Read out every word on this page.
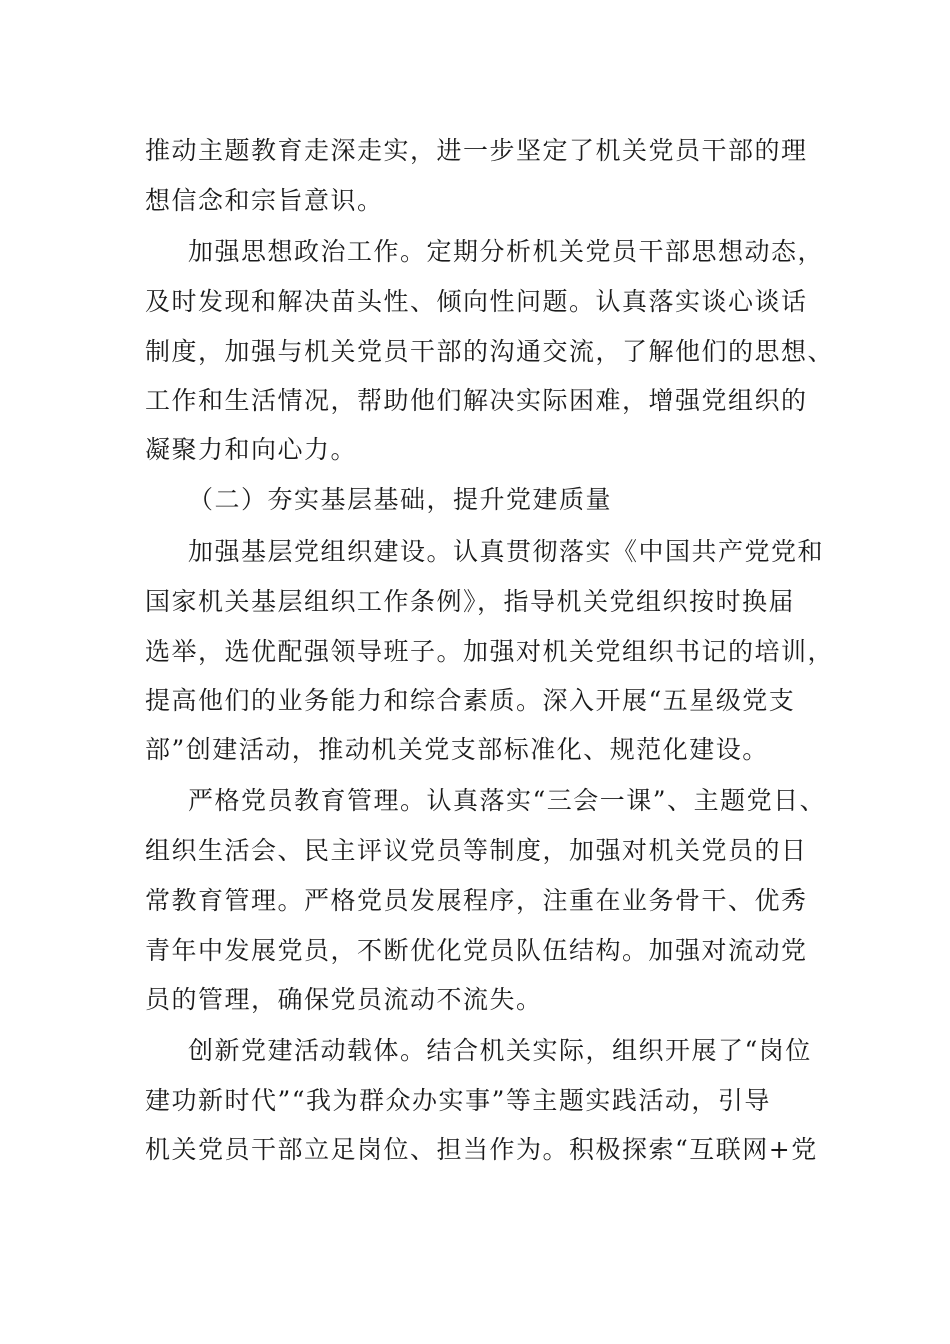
推动主题教育走深走实，进一步坚定了机关党员干部的理
想信念和宗旨意识。
加强思想政治工作。定期分析机关党员干部思想动态，
及时发现和解决苗头性、倾向性问题。认真落实谈心谈话
制度，加强与机关党员干部的沟通交流，了解他们的思想、
工作和生活情况，帮助他们解决实际困难，增强党组织的
凝聚力和向心力。
（二）夯实基层基础，提升党建质量
加强基层党组织建设。认真贯彻落实《中国共产党党和
国家机关基层组织工作条例》，指导机关党组织按时换届
选举，选优配强领导班子。加强对机关党组织书记的培训，
提高他们的业务能力和综合素质。深入开展“五星级党支
部”创建活动，推动机关党支部标准化、规范化建设。
严格党员教育管理。认真落实“三会一课”、主题党日、
组织生活会、民主评议党员等制度，加强对机关党员的日
常教育管理。严格党员发展程序，注重在业务骨干、优秀
青年中发展党员，不断优化党员队伍结构。加强对流动党
员的管理，确保党员流动不流失。
创新党建活动载体。结合机关实际，组织开展了“岗位
建功新时代”“我为群众办实事”等主题实践活动，引导
机关党员干部立足岗位、担当作为。积极探索“互联网+党
